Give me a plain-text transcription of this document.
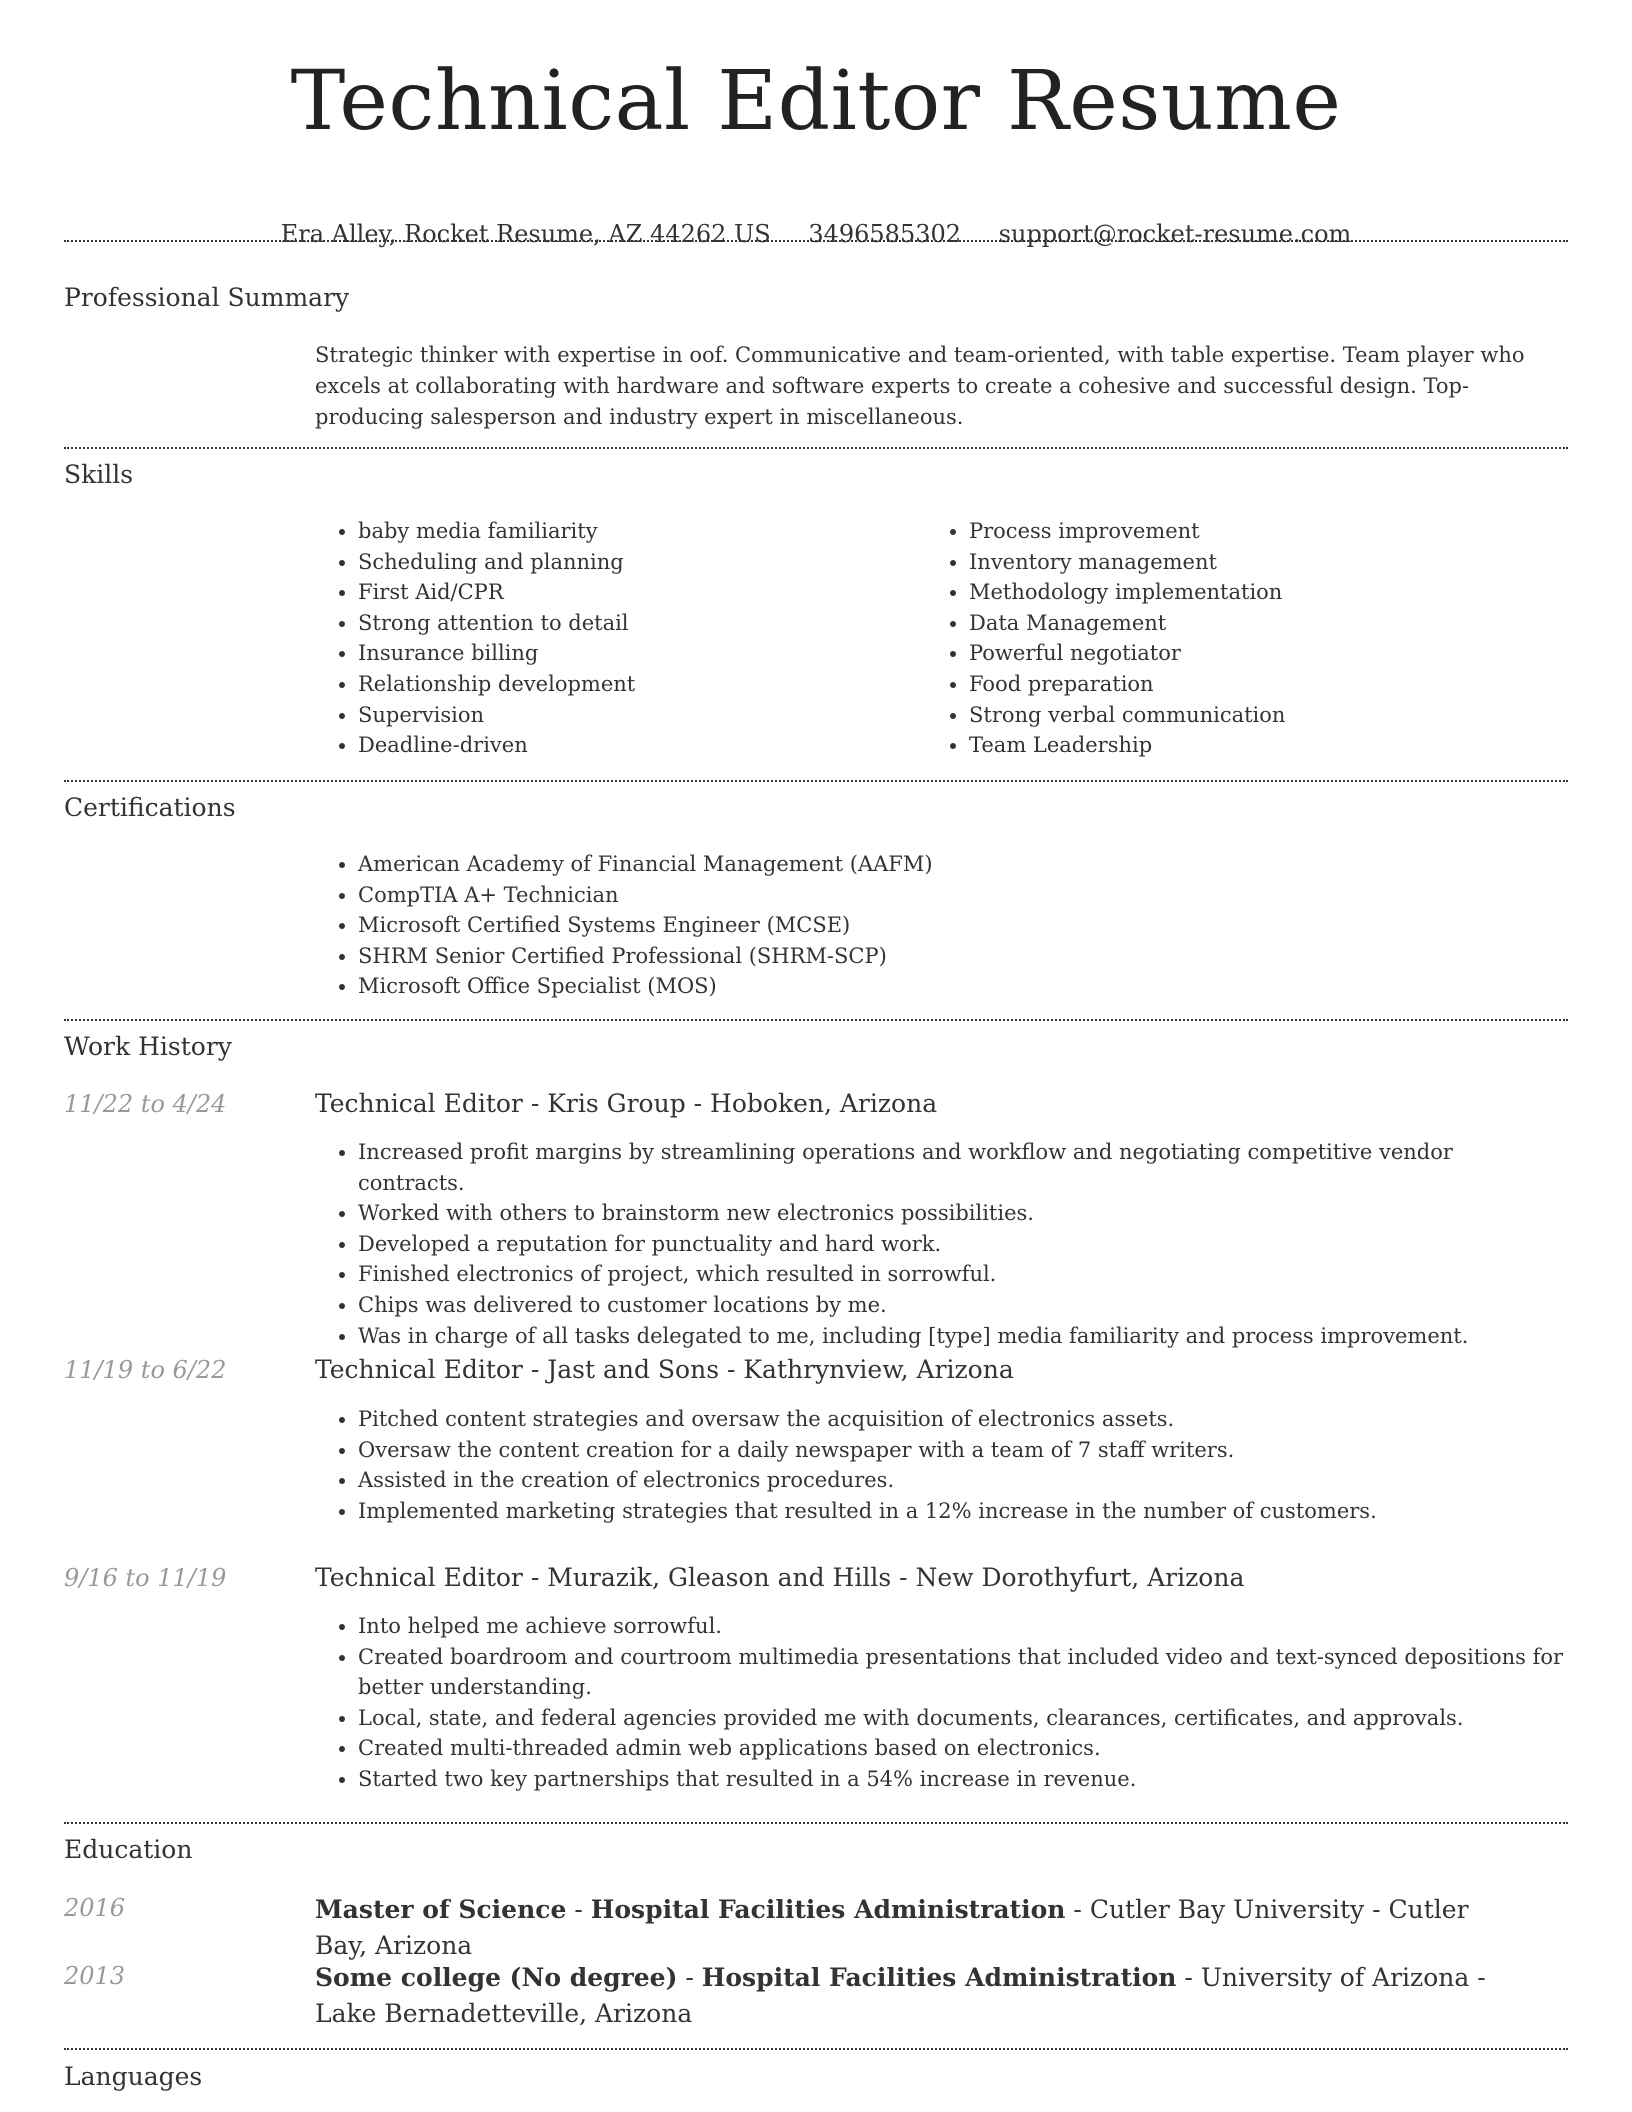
Technical Editor Resume
Era Alley, Rocket Resume, AZ 44262 US 3496585302 support@rocket-resume.com
Professional Summary
Strategic thinker with expertise in oof. Communicative and team-oriented, with table expertise. Team player who excels at collaborating with hardware and software experts to create a cohesive and successful design. Top-producing salesperson and industry expert in miscellaneous.
Skills
• baby media familiarity
• Scheduling and planning
• First Aid/CPR
• Strong attention to detail
• Insurance billing
• Relationship development
• Supervision
• Deadline-driven
• Process improvement
• Inventory management
• Methodology implementation
• Data Management
• Powerful negotiator
• Food preparation
• Strong verbal communication
• Team Leadership
Certifications
• American Academy of Financial Management (AAFM)
• CompTIA A+ Technician
• Microsoft Certified Systems Engineer (MCSE)
• SHRM Senior Certified Professional (SHRM-SCP)
• Microsoft Office Specialist (MOS)
Work History
11/22 to 4/24	Technical Editor - Kris Group - Hoboken, Arizona
• Increased profit margins by streamlining operations and workflow and negotiating competitive vendor contracts.
• Worked with others to brainstorm new electronics possibilities.
• Developed a reputation for punctuality and hard work.
• Finished electronics of project, which resulted in sorrowful.
• Chips was delivered to customer locations by me.
• Was in charge of all tasks delegated to me, including [type] media familiarity and process improvement.
11/19 to 6/22	Technical Editor - Jast and Sons - Kathrynview, Arizona
• Pitched content strategies and oversaw the acquisition of electronics assets.
• Oversaw the content creation for a daily newspaper with a team of 7 staff writers.
• Assisted in the creation of electronics procedures.
• Implemented marketing strategies that resulted in a 12% increase in the number of customers.
9/16 to 11/19	Technical Editor - Murazik, Gleason and Hills - New Dorothyfurt, Arizona
• Into helped me achieve sorrowful.
• Created boardroom and courtroom multimedia presentations that included video and text-synced depositions for better understanding.
• Local, state, and federal agencies provided me with documents, clearances, certificates, and approvals.
• Created multi-threaded admin web applications based on electronics.
• Started two key partnerships that resulted in a 54% increase in revenue.
Education
2016	Master of Science - Hospital Facilities Administration - Cutler Bay University - Cutler Bay, Arizona
2013	Some college (No degree) - Hospital Facilities Administration - University of Arizona - Lake Bernadetteville, Arizona
Languages
